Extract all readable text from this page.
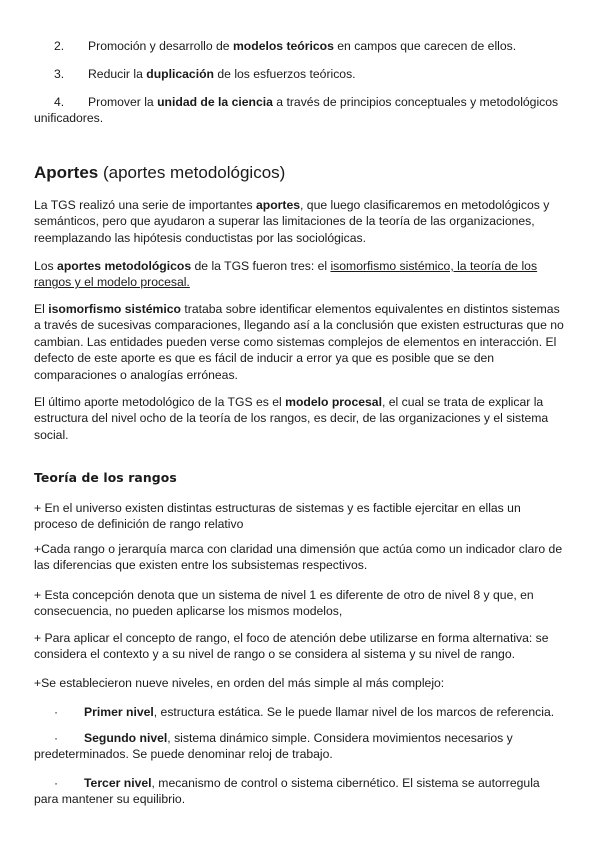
2. Promoción y desarrollo de modelos teóricos en campos que carecen de ellos.

3. Reducir la duplicación de los esfuerzos teóricos.

4. Promover la unidad de la ciencia a través de principios conceptuales y metodológicos unificadores.

Aportes (aportes metodológicos)

La TGS realizó una serie de importantes aportes, que luego clasificaremos en metodológicos y semánticos, pero que ayudaron a superar las limitaciones de la teoría de las organizaciones, reemplazando las hipótesis conductistas por las sociológicas.

Los aportes metodológicos de la TGS fueron tres: el isomorfismo sistémico, la teoría de los rangos y el modelo procesal.

El isomorfismo sistémico trataba sobre identificar elementos equivalentes en distintos sistemas a través de sucesivas comparaciones, llegando así a la conclusión que existen estructuras que no cambian. Las entidades pueden verse como sistemas complejos de elementos en interacción. El defecto de este aporte es que es fácil de inducir a error ya que es posible que se den comparaciones o analogías erróneas.

El último aporte metodológico de la TGS es el modelo procesal, el cual se trata de explicar la estructura del nivel ocho de la teoría de los rangos, es decir, de las organizaciones y el sistema social.

Teoría de los rangos

+ En el universo existen distintas estructuras de sistemas y es factible ejercitar en ellas un proceso de definición de rango relativo

+Cada rango o jerarquía marca con claridad una dimensión que actúa como un indicador claro de las diferencias que existen entre los subsistemas respectivos.

+ Esta concepción denota que un sistema de nivel 1 es diferente de otro de nivel 8 y que, en consecuencia, no pueden aplicarse los mismos modelos,

+ Para aplicar el concepto de rango, el foco de atención debe utilizarse en forma alternativa: se considera el contexto y a su nivel de rango o se considera al sistema y su nivel de rango.

+Se establecieron nueve niveles, en orden del más simple al más complejo:

· Primer nivel, estructura estática. Se le puede llamar nivel de los marcos de referencia.

· Segundo nivel, sistema dinámico simple. Considera movimientos necesarios y predeterminados. Se puede denominar reloj de trabajo.

· Tercer nivel, mecanismo de control o sistema cibernético. El sistema se autorregula para mantener su equilibrio.
